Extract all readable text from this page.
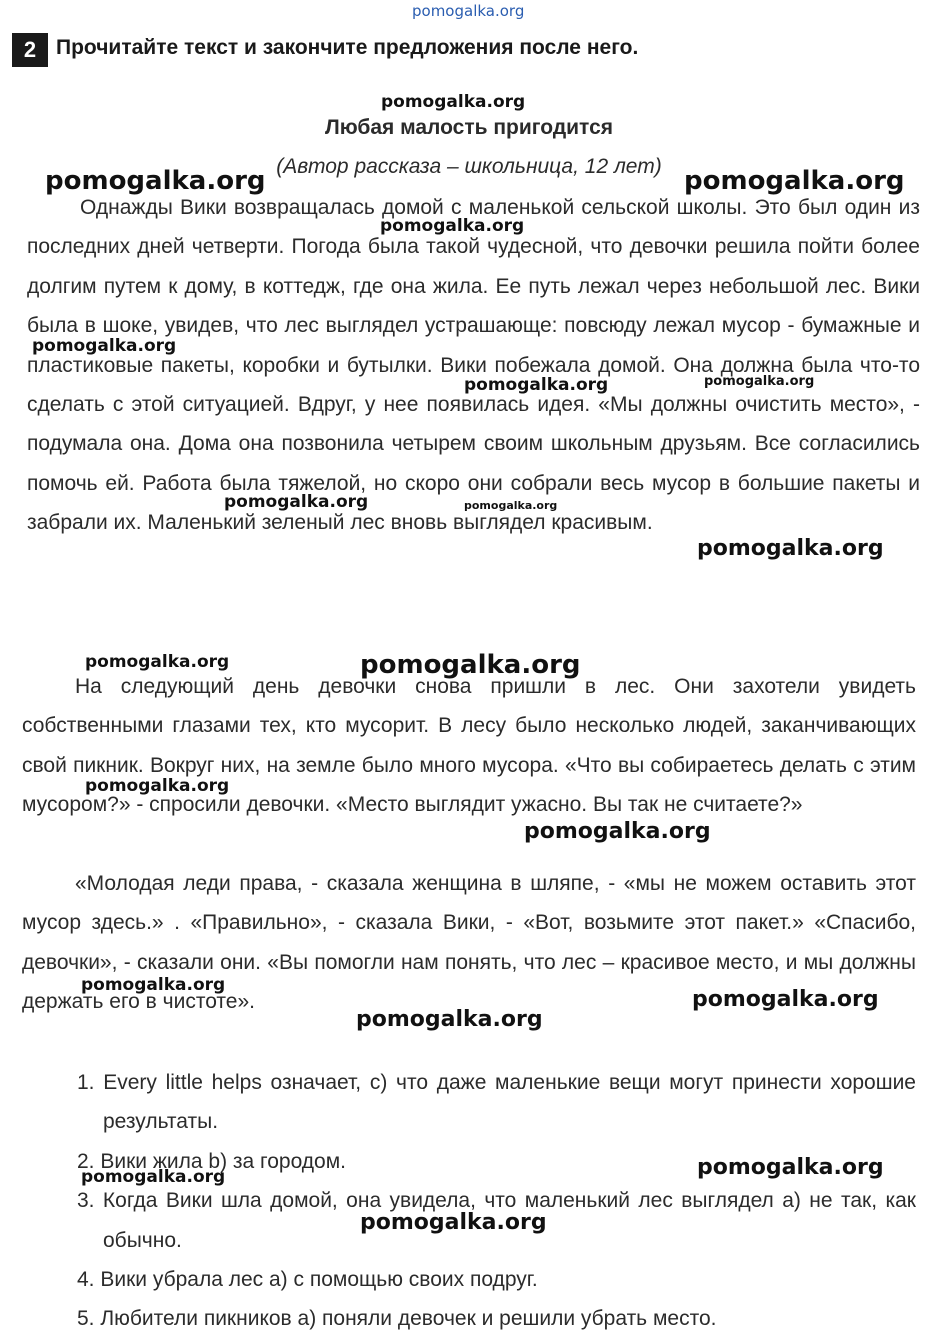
pomogalka.org
2 Прочитайте текст и закончите предложения после него.
Любая малость пригодится
(Автор рассказа – школьница, 12 лет)

Однажды Вики возвращалась домой с маленькой сельской школы. Это был один из последних дней четверти. Погода была такой чудесной, что девочки решила пойти более долгим путем к дому, в коттедж, где она жила. Ее путь лежал через небольшой лес. Вики была в шоке, увидев, что лес выглядел устрашающе: повсюду лежал мусор - бумажные и пластиковые пакеты, коробки и бутылки. Вики побежала домой. Она должна была что-то сделать с этой ситуацией. Вдруг, у нее появилась идея. «Мы должны очистить место», - подумала она. Дома она позвонила четырем своим школьным друзьям. Все согласились помочь ей. Работа была тяжелой, но скоро они собрали весь мусор в большие пакеты и забрали их. Маленький зеленый лес вновь выглядел красивым.

На следующий день девочки снова пришли в лес. Они захотели увидеть собственными глазами тех, кто мусорит. В лесу было несколько людей, заканчивающих свой пикник. Вокруг них, на земле было много мусора. «Что вы собираетесь делать с этим мусором?» - спросили девочки. «Место выглядит ужасно. Вы так не считаете?»

«Молодая леди права, - сказала женщина в шляпе, - «мы не можем оставить этот мусор здесь.» . «Правильно», - сказала Вики, - «Вот, возьмите этот пакет.» «Спасибо, девочки», - сказали они. «Вы помогли нам понять, что лес – красивое место, и мы должны держать его в чистоте».

1. Every little helps означает, c) что даже маленькие вещи могут принести хорошие результаты.
2. Вики жила b) за городом.
3. Когда Вики шла домой, она увидела, что маленький лес выглядел a) не так, как обычно.
4. Вики убрала лес a) с помощью своих подруг.
5. Любители пикников a) поняли девочек и решили убрать место.
pomogalka.org
pomogalka.org	pomogalka.org
pomogalka.org
pomogalka.org
pomogalka.org	pomogalka.org
pomogalka.org	pomogalka.org
pomogalka.org
pomogalka.org	pomogalka.org
pomogalka.org
pomogalka.org
pomogalka.org
pomogalka.org
pomogalka.org
pomogalka.org
pomogalka.org
pomogalka.org
